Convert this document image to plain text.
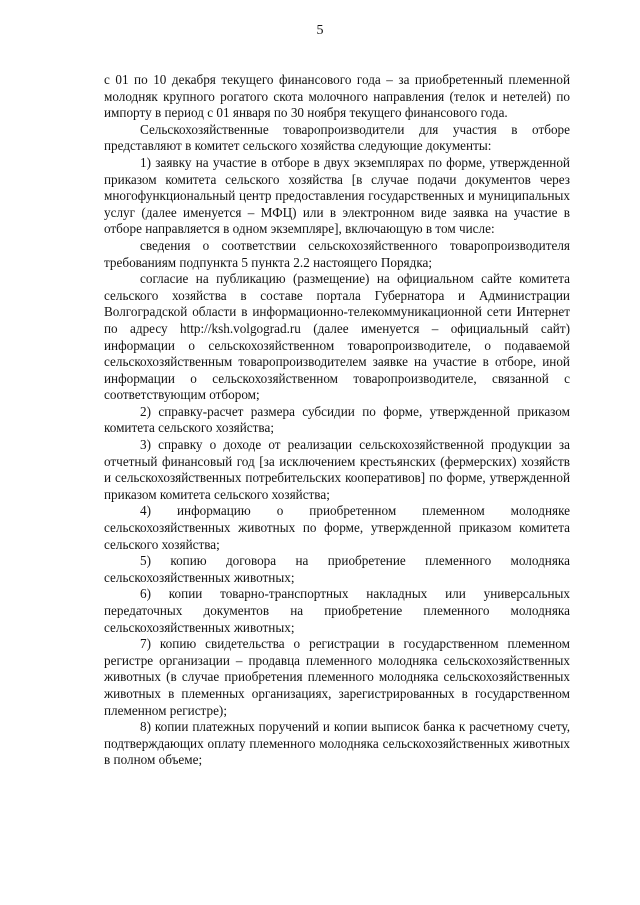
5

с 01 по 10 декабря текущего финансового года – за приобретенный племенной молодняк крупного рогатого скота молочного направления (телок и нетелей) по импорту в период с 01 января по 30 ноября текущего финансового года.

Сельскохозяйственные товаропроизводители для участия в отборе представляют в комитет сельского хозяйства следующие документы:

1) заявку на участие в отборе в двух экземплярах по форме, утвержденной приказом комитета сельского хозяйства [в случае подачи документов через многофункциональный центр предоставления государственных и муниципальных услуг (далее именуется – МФЦ) или в электронном виде заявка на участие в отборе направляется в одном экземпляре], включающую в том числе:

сведения о соответствии сельскохозяйственного товаропроизводителя требованиям подпункта 5 пункта 2.2 настоящего Порядка;

согласие на публикацию (размещение) на официальном сайте комитета сельского хозяйства в составе портала Губернатора и Администрации Волгоградской области в информационно-телекоммуникационной сети Интернет по адресу http://ksh.volgograd.ru (далее именуется – официальный сайт) информации о сельскохозяйственном товаропроизводителе, о подаваемой сельскохозяйственным товаропроизводителем заявке на участие в отборе, иной информации о сельскохозяйственном товаропроизводителе, связанной с соответствующим отбором;

2) справку-расчет размера субсидии по форме, утвержденной приказом комитета сельского хозяйства;

3) справку о доходе от реализации сельскохозяйственной продукции за отчетный финансовый год [за исключением крестьянских (фермерских) хозяйств и сельскохозяйственных потребительских кооперативов] по форме, утвержденной приказом комитета сельского хозяйства;

4) информацию о приобретенном племенном молодняке сельскохозяйственных животных по форме, утвержденной приказом комитета сельского хозяйства;

5) копию договора на приобретение племенного молодняка сельскохозяйственных животных;

6) копии товарно-транспортных накладных или универсальных передаточных документов на приобретение племенного молодняка сельскохозяйственных животных;

7) копию свидетельства о регистрации в государственном племенном регистре организации – продавца племенного молодняка сельскохозяйственных животных (в случае приобретения племенного молодняка сельскохозяйственных животных в племенных организациях, зарегистрированных в государственном племенном регистре);

8) копии платежных поручений и копии выписок банка к расчетному счету, подтверждающих оплату племенного молодняка сельскохозяйственных животных в полном объеме;
